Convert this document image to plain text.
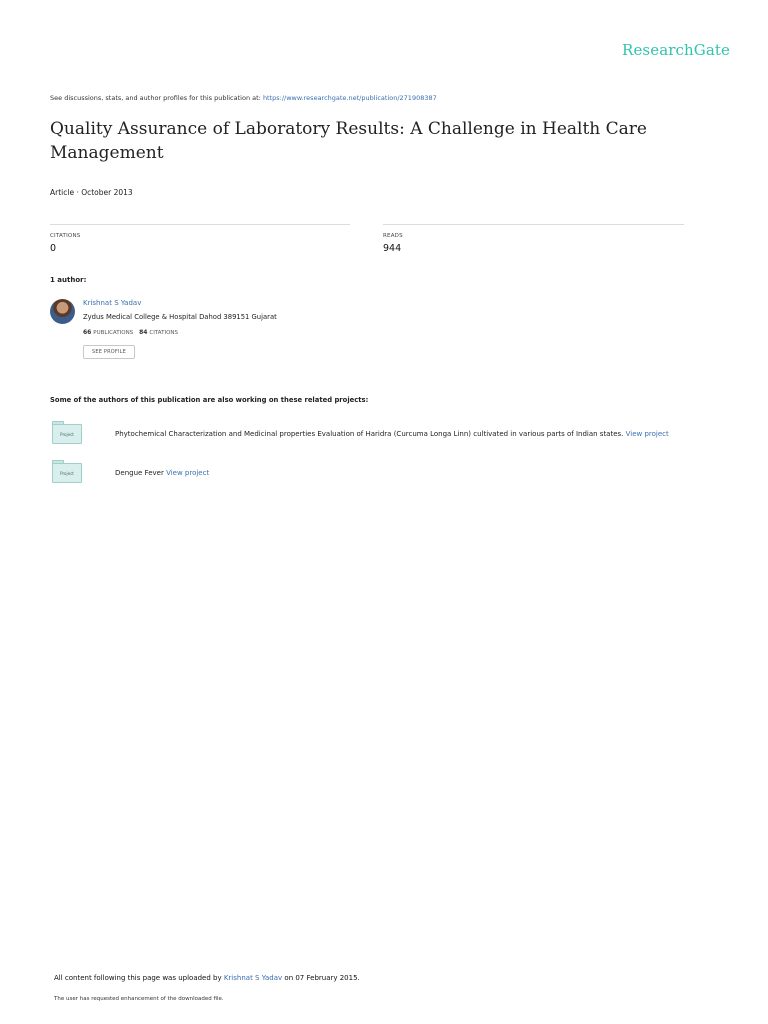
ResearchGate
See discussions, stats, and author profiles for this publication at: https://www.researchgate.net/publication/271908387
Quality Assurance of Laboratory Results: A Challenge in Health Care Management
Article · October 2013
CITATIONS
0
READS
944
1 author:
Krishnat S Yadav
Zydus Medical College & Hospital Dahod 389151 Gujarat
66 PUBLICATIONS 84 CITATIONS
SEE PROFILE
Some of the authors of this publication are also working on these related projects:
Project	Phytochemical Characterization and Medicinal properties Evaluation of Haridra (Curcuma Longa Linn) cultivated in various parts of Indian states. View project
Project	Dengue Fever View project
All content following this page was uploaded by Krishnat S Yadav on 07 February 2015.
The user has requested enhancement of the downloaded file.
